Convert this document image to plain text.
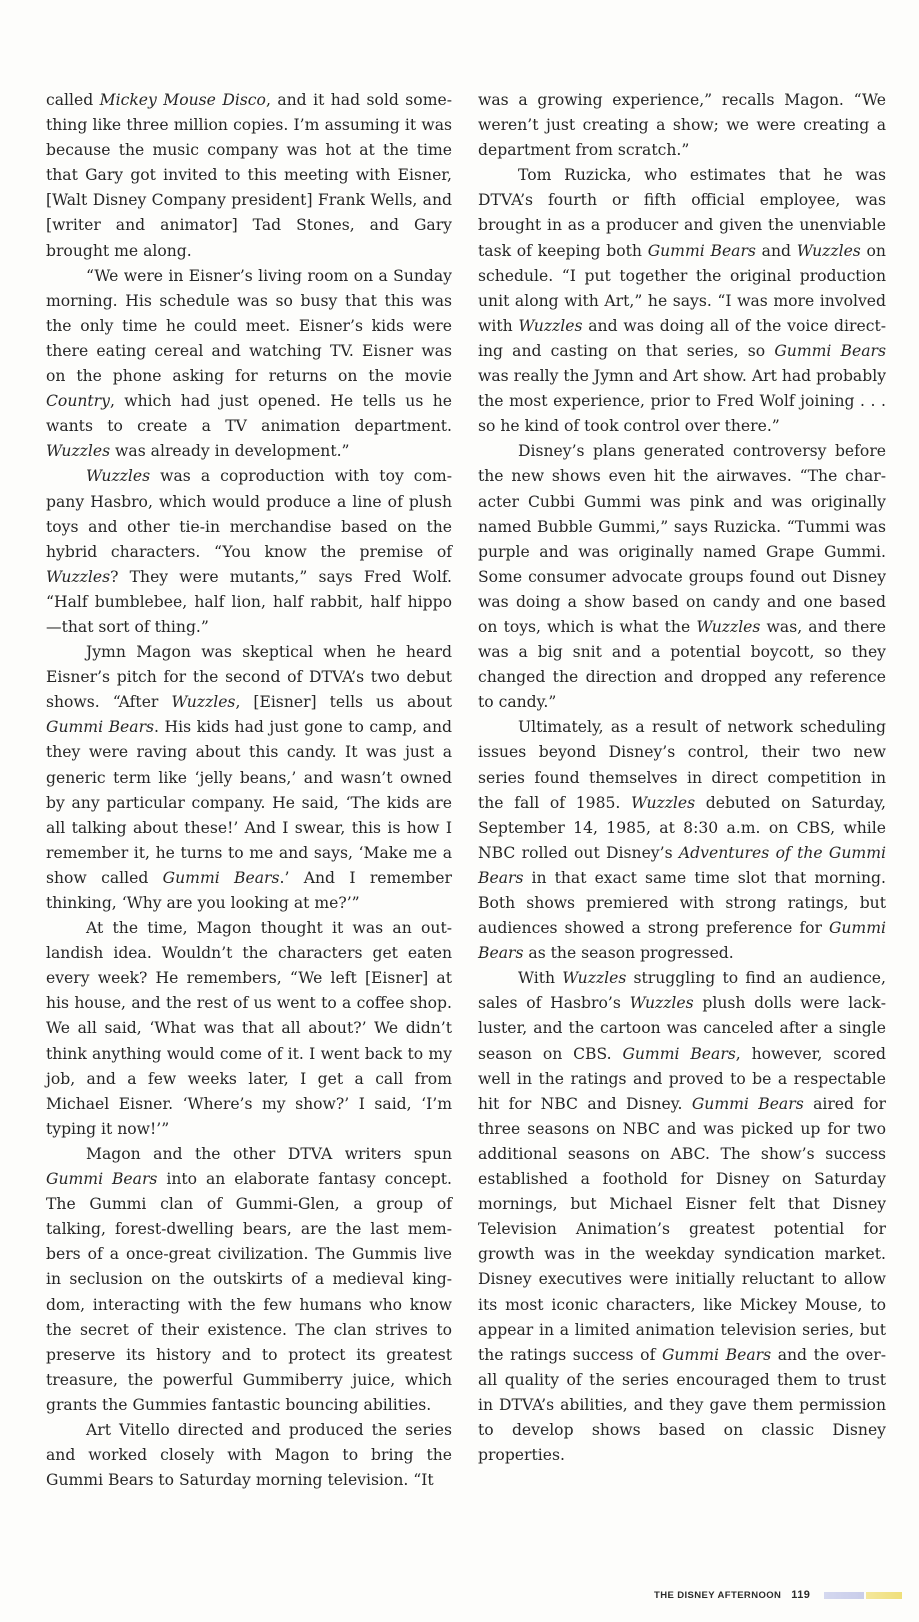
called Mickey Mouse Disco, and it had sold something like three million copies. I’m assuming it was because the music company was hot at the time that Gary got invited to this meeting with Eisner, [Walt Disney Company president] Frank Wells, and [writer and animator] Tad Stones, and Gary brought me along.

“We were in Eisner’s living room on a Sunday morning. His schedule was so busy that this was the only time he could meet. Eisner’s kids were there eating cereal and watching TV. Eisner was on the phone asking for returns on the movie Country, which had just opened. He tells us he wants to create a TV animation department. Wuzzles was already in development.”

Wuzzles was a coproduction with toy company Hasbro, which would produce a line of plush toys and other tie-in merchandise based on the hybrid characters. “You know the premise of Wuzzles? They were mutants,” says Fred Wolf. “Half bumblebee, half lion, half rabbit, half hippo—that sort of thing.”

Jymn Magon was skeptical when he heard Eisner’s pitch for the second of DTVA’s two debut shows. “After Wuzzles, [Eisner] tells us about Gummi Bears. His kids had just gone to camp, and they were raving about this candy. It was just a generic term like ‘jelly beans,’ and wasn’t owned by any particular company. He said, ‘The kids are all talking about these!’ And I swear, this is how I remember it, he turns to me and says, ‘Make me a show called Gummi Bears.’ And I remember thinking, ‘Why are you looking at me?’”

At the time, Magon thought it was an outlandish idea. Wouldn’t the characters get eaten every week? He remembers, “We left [Eisner] at his house, and the rest of us went to a coffee shop. We all said, ‘What was that all about?’ We didn’t think anything would come of it. I went back to my job, and a few weeks later, I get a call from Michael Eisner. ‘Where’s my show?’ I said, ‘I’m typing it now!’”

Magon and the other DTVA writers spun Gummi Bears into an elaborate fantasy concept. The Gummi clan of Gummi-Glen, a group of talking, forest-dwelling bears, are the last members of a once-great civilization. The Gummis live in seclusion on the outskirts of a medieval kingdom, interacting with the few humans who know the secret of their existence. The clan strives to preserve its history and to protect its greatest treasure, the powerful Gummiberry juice, which grants the Gummies fantastic bouncing abilities.

Art Vitello directed and produced the series and worked closely with Magon to bring the Gummi Bears to Saturday morning television. “It

was a growing experience,” recalls Magon. “We weren’t just creating a show; we were creating a department from scratch.”

Tom Ruzicka, who estimates that he was DTVA’s fourth or fifth official employee, was brought in as a producer and given the unenviable task of keeping both Gummi Bears and Wuzzles on schedule. “I put together the original production unit along with Art,” he says. “I was more involved with Wuzzles and was doing all of the voice directing and casting on that series, so Gummi Bears was really the Jymn and Art show. Art had probably the most experience, prior to Fred Wolf joining . . . so he kind of took control over there.”

Disney’s plans generated controversy before the new shows even hit the airwaves. “The character Cubbi Gummi was pink and was originally named Bubble Gummi,” says Ruzicka. “Tummi was purple and was originally named Grape Gummi. Some consumer advocate groups found out Disney was doing a show based on candy and one based on toys, which is what the Wuzzles was, and there was a big snit and a potential boycott, so they changed the direction and dropped any reference to candy.”

Ultimately, as a result of network scheduling issues beyond Disney’s control, their two new series found themselves in direct competition in the fall of 1985. Wuzzles debuted on Saturday, September 14, 1985, at 8:30 a.m. on CBS, while NBC rolled out Disney’s Adventures of the Gummi Bears in that exact same time slot that morning. Both shows premiered with strong ratings, but audiences showed a strong preference for Gummi Bears as the season progressed.

With Wuzzles struggling to find an audience, sales of Hasbro’s Wuzzles plush dolls were lackluster, and the cartoon was canceled after a single season on CBS. Gummi Bears, however, scored well in the ratings and proved to be a respectable hit for NBC and Disney. Gummi Bears aired for three seasons on NBC and was picked up for two additional seasons on ABC. The show’s success established a foothold for Disney on Saturday mornings, but Michael Eisner felt that Disney Television Animation’s greatest potential for growth was in the weekday syndication market. Disney executives were initially reluctant to allow its most iconic characters, like Mickey Mouse, to appear in a limited animation television series, but the ratings success of Gummi Bears and the overall quality of the series encouraged them to trust in DTVA’s abilities, and they gave them permission to develop shows based on classic Disney properties.

THE DISNEY AFTERNOON 119
